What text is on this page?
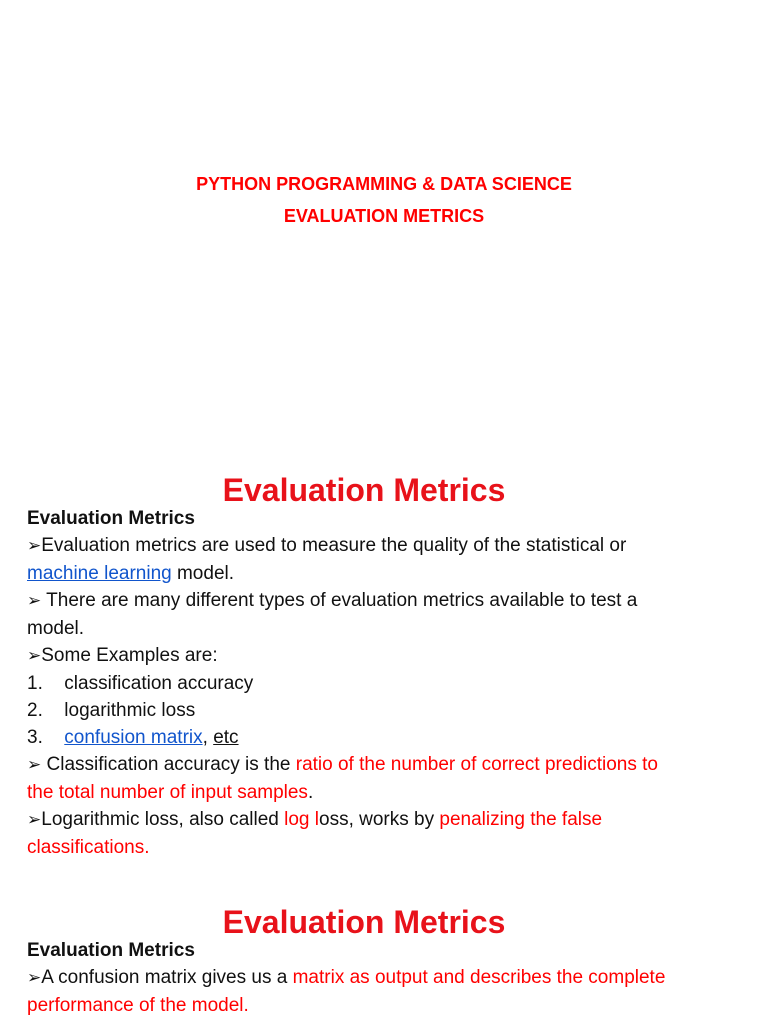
PYTHON PROGRAMMING & DATA SCIENCE
EVALUATION METRICS
Evaluation Metrics
Evaluation Metrics
➢Evaluation metrics are used to measure the quality of the statistical or
machine learning model.
➢ There are many different types of evaluation metrics available to test a
model.
➢Some Examples are:
1. classification accuracy
2. logarithmic loss
3. confusion matrix, etc
➢ Classification accuracy is the ratio of the number of correct predictions to
the total number of input samples.
➢Logarithmic loss, also called log loss, works by penalizing the false
classifications.
Evaluation Metrics
Evaluation Metrics
➢A confusion matrix gives us a matrix as output and describes the complete
performance of the model.
